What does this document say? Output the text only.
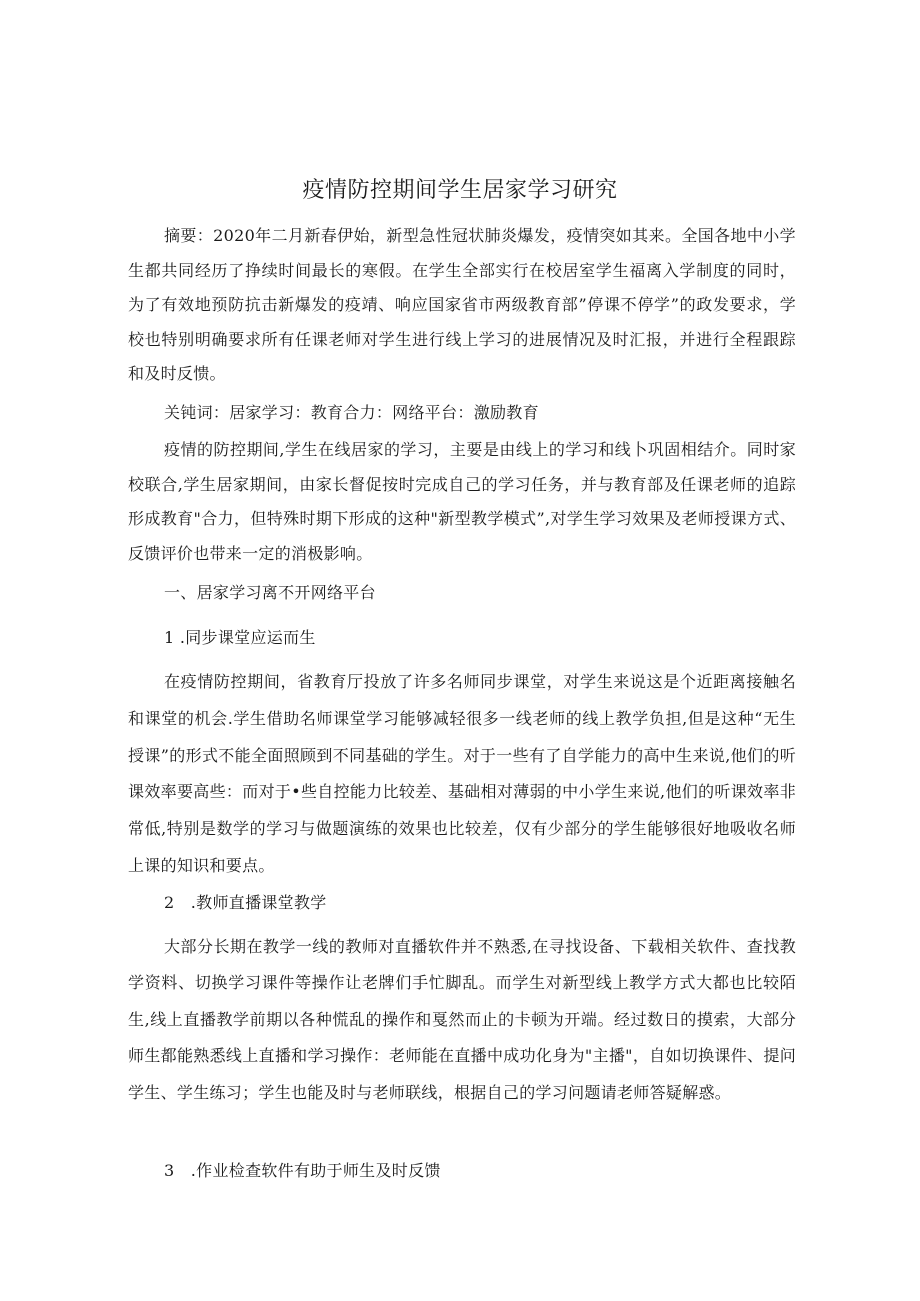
疫情防控期间学生居家学习研究

摘要：2020年二月新春伊始，新型急性冠状肺炎爆发，疫情突如其来。全国各地中小学生都共同经历了挣续时间最长的寒假。在学生全部实行在校居室学生福离入学制度的同时，为了有效地预防抗击新爆发的疫靖、响应国家省市两级教育部”停课不停学”的政发要求，学校也特别明确要求所有任课老师对学生进行线上学习的进展情况及时汇报，并进行全程跟踪和及时反愦。

关钝词：居家学习：教育合力：网络平台：激励教育

疫情的防控期间,学生在线居家的学习，主要是由线上的学习和线卜巩固相结介。同时家校联合,学生居家期间，由家长督促按时完成自己的学习任务，并与教育部及任课老师的追踪形成教育"合力，但特殊时期下形成的这种"新型教学模式”,对学生学习效果及老师授课方式、反馈评价也带来一定的消极影响。

一、居家学习离不开网络平台

1 .同步课堂应运而生

在疫情防控期间，省教育厅投放了许多名师同步课堂，对学生来说这是个近距离接触名和课堂的机会.学生借助名师课堂学习能够减轻很多一线老师的线上教学负担,但是这种“无生授课”的形式不能全面照顾到不同基础的学生。对于一些有了自学能力的高中生来说,他们的听课效率要高些：而对于•些自控能力比较差、基础相对薄弱的中小学生来说,他们的听课效率非常低,特别是数学的学习与做题演练的效果也比较差，仅有少部分的学生能够很好地吸收名师上课的知识和要点。

2　.教师直播课堂教学

大部分长期在教学一线的教师对直播软件并不熟悉,在寻找设备、下载相关软件、查找教学资料、切换学习课件等操作让老牌们手忙脚乱。而学生对新型线上教学方式大都也比较陌生,线上直播教学前期以各种慌乱的操作和戛然而止的卡顿为开端。经过数日的摸索，大部分师生都能熟悉线上直播和学习操作：老师能在直播中成功化身为"主播"，自如切换课件、提问学生、学生练习；学生也能及时与老师联线，根据自己的学习问题请老师答疑解惑。

3　.作业检查软件有助于师生及时反馈
